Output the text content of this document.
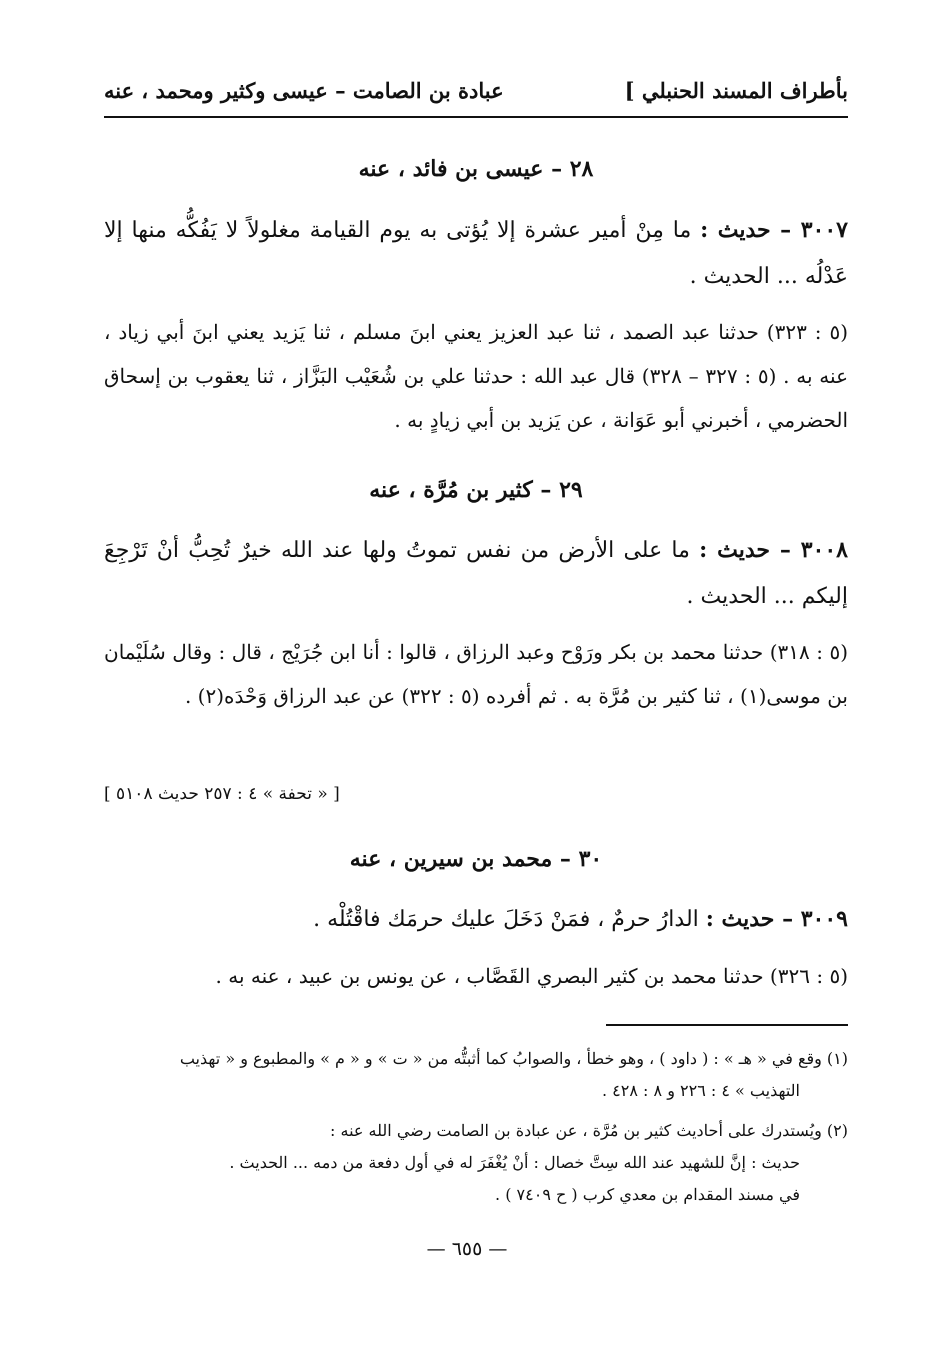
بأطراف المسند الحنبلي ]
عبادة بن الصامت – عيسى وكثير ومحمد ، عنه
٢٨ – عيسى بن فائد ، عنه
٣٠٠٧ – حديث : ما مِنْ أمير عشرة إلا يُؤتى به يوم القيامة مغلولاً لا يَفُكُّه منها إلا عَدْلُه ... الحديث .
(٥ : ٣٢٣) حدثنا عبد الصمد ، ثنا عبد العزيز يعني ابنَ مسلم ، ثنا يَزيد يعني ابنَ أبي زياد ، عنه به . (٥ : ٣٢٧ – ٣٢٨) قال عبد الله : حدثنا علي بن شُعَيْب البَزَّاز ، ثنا يعقوب بن إسحاق الحضرمي ، أخبرني أبو عَوَانة ، عن يَزيد بن أبي زيادٍ به .
٢٩ – كثير بن مُرَّة ، عنه
٣٠٠٨ – حديث : ما على الأرض من نفس تموتُ ولها عند الله خيرٌ تُحِبُّ أنْ تَرْجِعَ إليكم ... الحديث .
(٥ : ٣١٨) حدثنا محمد بن بكر ورَوْح وعبد الرزاق ، قالوا : أنا ابن جُرَيْج ، قال : وقال سُلَيْمان بن موسى(١) ، ثنا كثير بن مُرَّة به . ثم أفرده (٥ : ٣٢٢) عن عبد الرزاق وَحْدَه(٢) .
[ « تحفة » ٤ : ٢٥٧ حديث ٥١٠٨ ]
٣٠ – محمد بن سيرين ، عنه
٣٠٠٩ – حديث : الدارُ حرمٌ ، فمَنْ دَخَلَ عليك حرمَك فاقْتُلْه .
(٥ : ٣٢٦) حدثنا محمد بن كثير البصري القَصَّاب ، عن يونس بن عبيد ، عنه به .
(١) وقع في « هـ » : ( داود ) ، وهو خطأ ، والصوابُ كما أثبتُّه من « ت » و « م » والمطبوع و « تهذيب
التهذيب » ٤ : ٢٢٦ و ٨ : ٤٢٨ .
(٢) ويُستدرك على أحاديث كثير بن مُرَّة ، عن عبادة بن الصامت رضي الله عنه :
حديث : إنَّ للشهيد عند الله سِتَّ خصال : أنْ يُغْفَرَ له في أول دفعة من دمه ... الحديث .
في مسند المقدام بن معدي كرب ( ح ٧٤٠٩ ) .
— ٦٥٥ —
